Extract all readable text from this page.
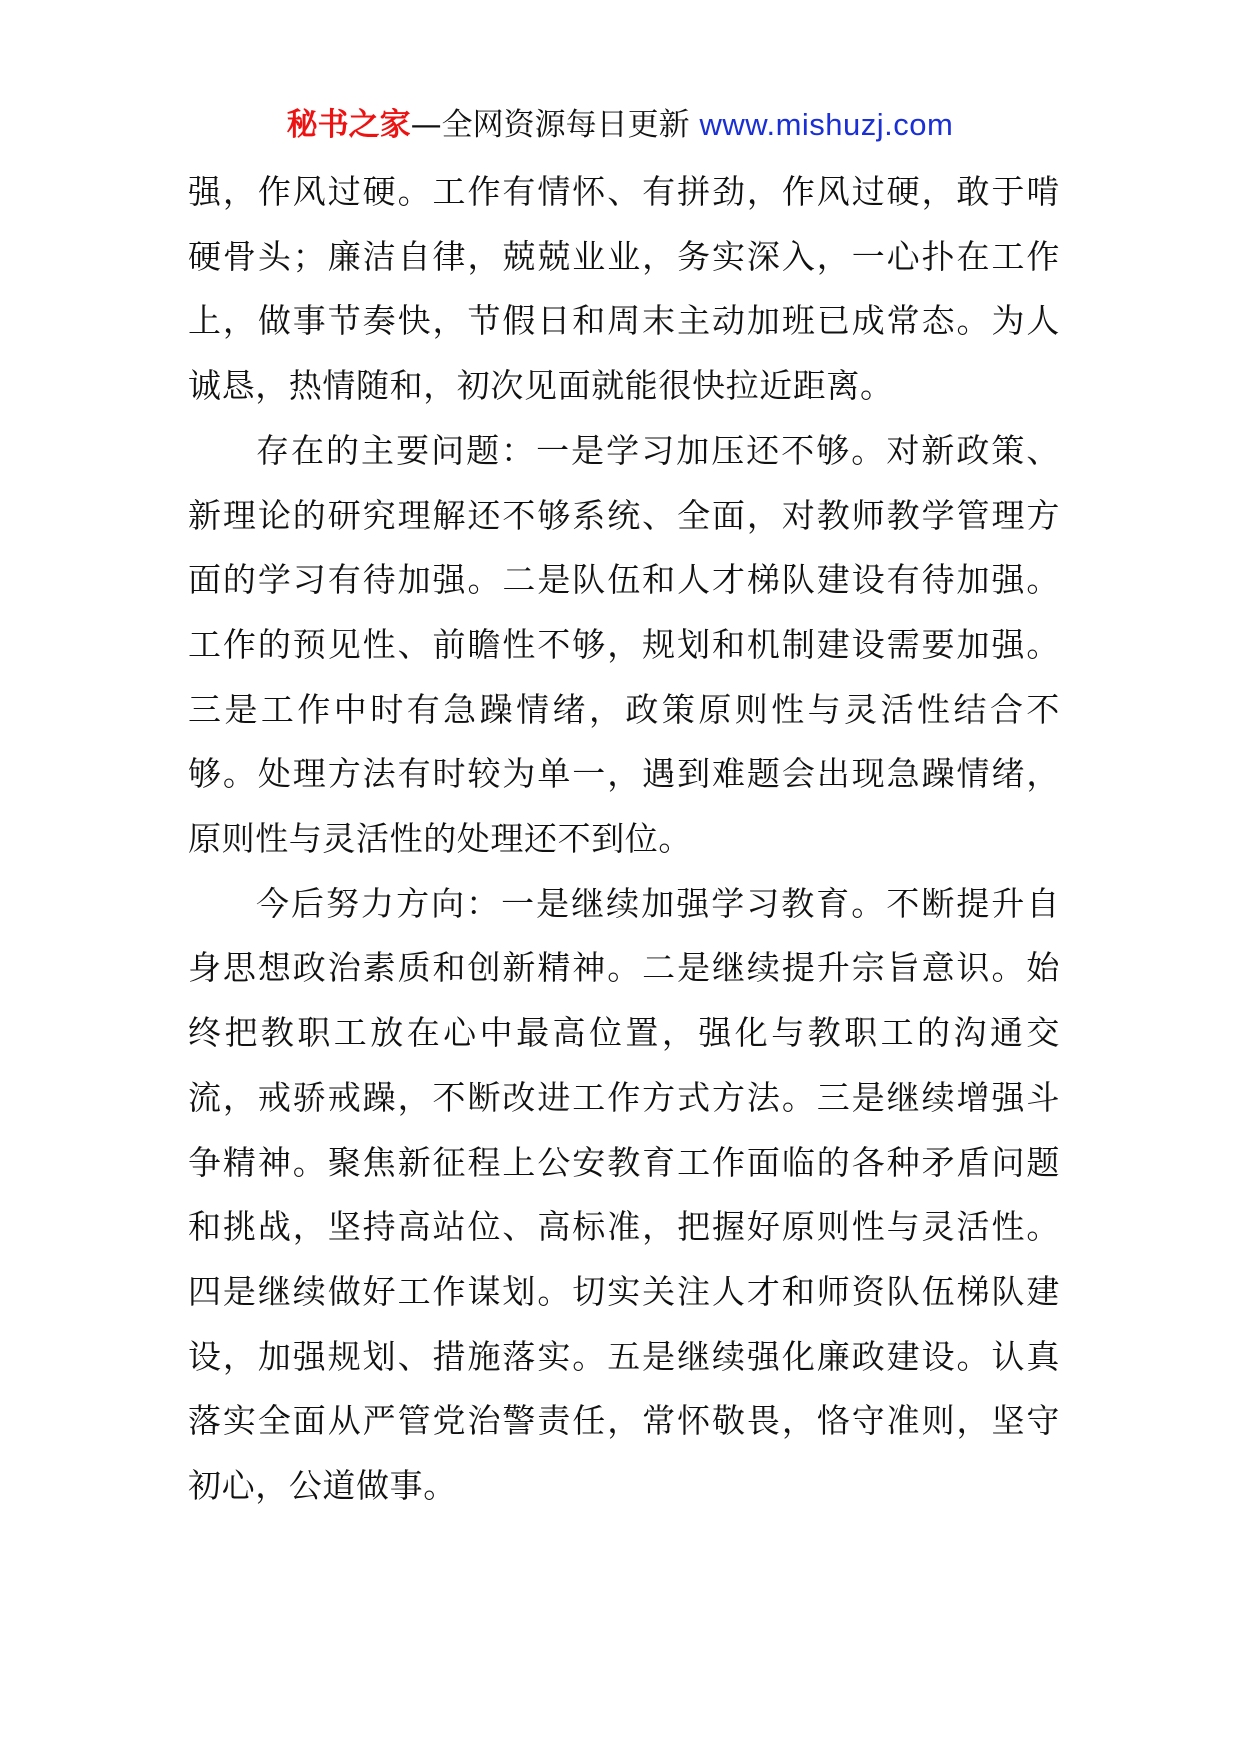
秘书之家—全网资源每日更新 www.mishuzj.com

强，作风过硬。工作有情怀、有拼劲，作风过硬，敢于啃硬骨头；廉洁自律，兢兢业业，务实深入，一心扑在工作上，做事节奏快，节假日和周末主动加班已成常态。为人诚恳，热情随和，初次见面就能很快拉近距离。

存在的主要问题：一是学习加压还不够。对新政策、新理论的研究理解还不够系统、全面，对教师教学管理方面的学习有待加强。二是队伍和人才梯队建设有待加强。工作的预见性、前瞻性不够，规划和机制建设需要加强。三是工作中时有急躁情绪，政策原则性与灵活性结合不够。处理方法有时较为单一，遇到难题会出现急躁情绪，原则性与灵活性的处理还不到位。

今后努力方向：一是继续加强学习教育。不断提升自身思想政治素质和创新精神。二是继续提升宗旨意识。始终把教职工放在心中最高位置，强化与教职工的沟通交流，戒骄戒躁，不断改进工作方式方法。三是继续增强斗争精神。聚焦新征程上公安教育工作面临的各种矛盾问题和挑战，坚持高站位、高标准，把握好原则性与灵活性。四是继续做好工作谋划。切实关注人才和师资队伍梯队建设，加强规划、措施落实。五是继续强化廉政建设。认真落实全面从严管党治警责任，常怀敬畏，恪守准则，坚守初心，公道做事。
